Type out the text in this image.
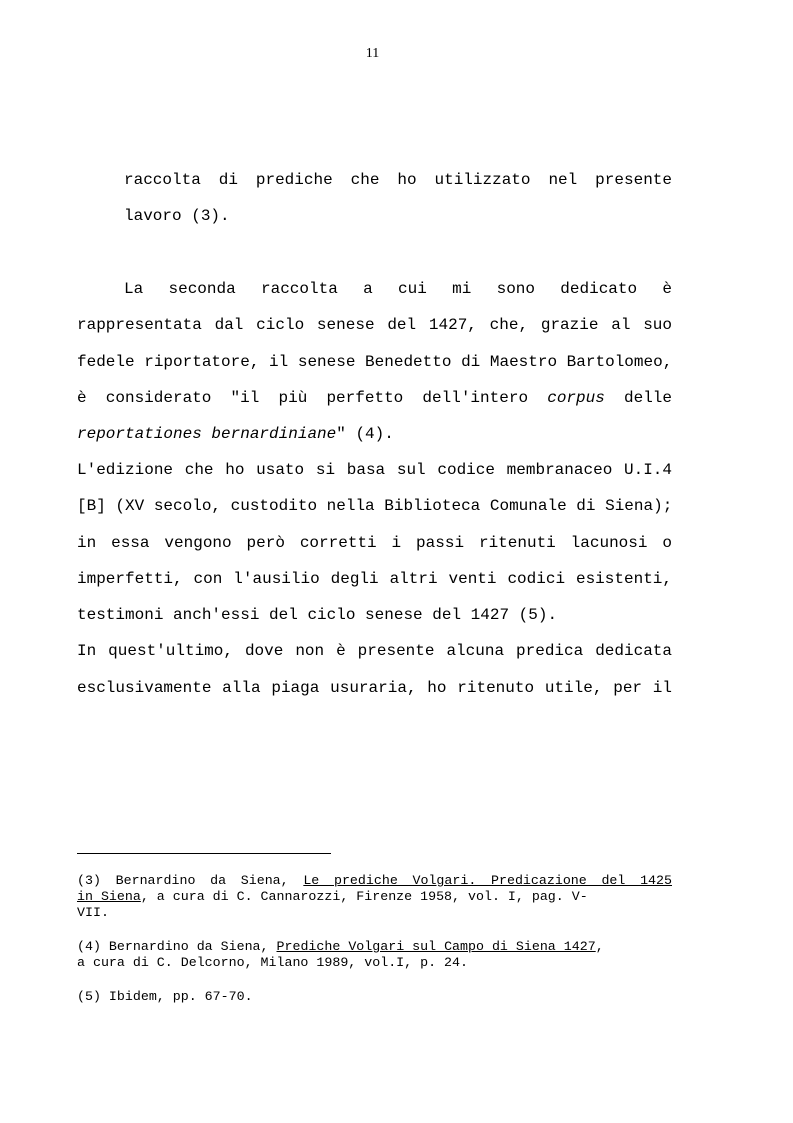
11
raccolta di prediche che ho utilizzato nel presente
lavoro (3).
La seconda raccolta a cui mi sono dedicato è
rappresentata dal ciclo senese del 1427, che, grazie al suo
fedele riportatore, il senese Benedetto di Maestro Bartolomeo,
è considerato "il più perfetto dell'intero corpus delle
reportationes bernardiniane" (4).
L'edizione che ho usato si basa sul codice membranaceo U.I.4
[B] (XV secolo, custodito nella Biblioteca Comunale di Siena);
in essa vengono però corretti i passi ritenuti lacunosi o
imperfetti, con l'ausilio degli altri venti codici esistenti,
testimoni anch'essi del ciclo senese del 1427 (5).
In quest'ultimo, dove non è presente alcuna predica dedicata
esclusivamente alla piaga usuraria, ho ritenuto utile, per il
(3) Bernardino da Siena, Le prediche Volgari. Predicazione del 1425
in Siena, a cura di C. Cannarozzi, Firenze 1958, vol. I, pag. V-
VII.
(4) Bernardino da Siena, Prediche Volgari sul Campo di Siena 1427,
a cura di C. Delcorno, Milano 1989, vol.I, p. 24.
(5) Ibidem, pp. 67-70.
